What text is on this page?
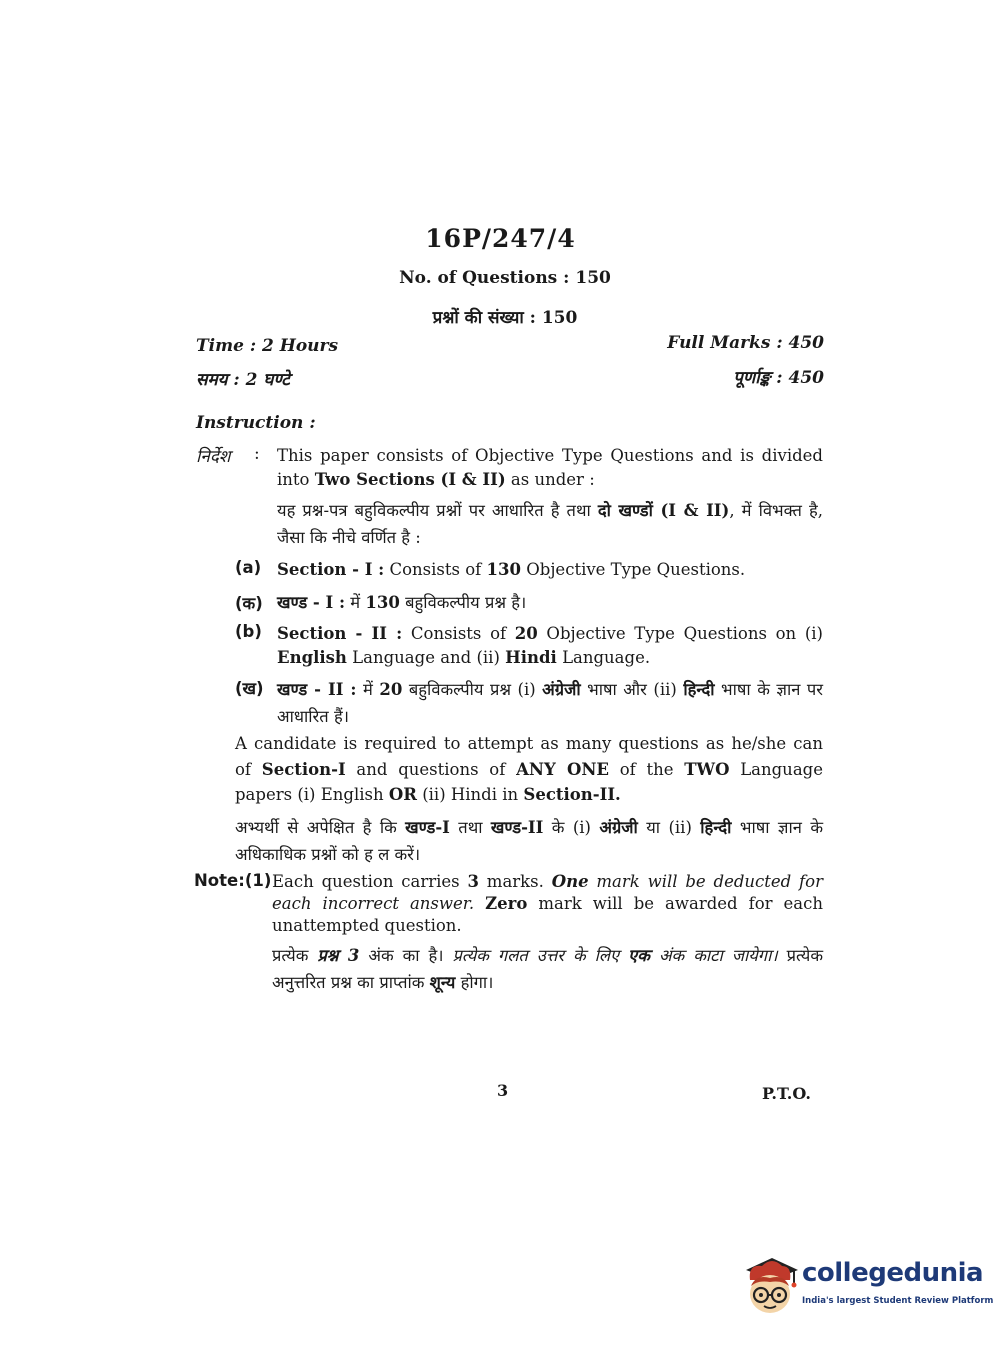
16P/247/4
No. of Questions : 150
प्रश्नों की संख्या : 150
Time : 2 Hours
समय : 2 घण्टे
Full Marks : 450
पूर्णाङ्क : 450
Instruction :
निर्देश : This paper consists of Objective Type Questions and is divided into Two Sections (I & II) as under :
यह प्रश्न-पत्र बहुविकल्पीय प्रश्नों पर आधारित है तथा दो खण्डों (I & II), में विभक्त है, जैसा कि नीचे वर्णित है :
(a) Section - I : Consists of 130 Objective Type Questions.
(क) खण्ड - I : में 130 बहुविकल्पीय प्रश्न है।
(b) Section - II : Consists of 20 Objective Type Questions on (i) English Language and (ii) Hindi Language.
(ख) खण्ड - II : में 20 बहुविकल्पीय प्रश्न (i) अंग्रेजी भाषा और (ii) हिन्दी भाषा के ज्ञान पर आधारित हैं।
A candidate is required to attempt as many questions as he/she can of Section-I and questions of ANY ONE of the TWO Language papers (i) English OR (ii) Hindi in Section-II.
अभ्यर्थी से अपेक्षित है कि खण्ड-I तथा खण्ड-II के (i) अंग्रेजी या (ii) हिन्दी भाषा ज्ञान के अधिकाधिक प्रश्नों को ह ल करें।
Note:(1) Each question carries 3 marks. One mark will be deducted for each incorrect answer. Zero mark will be awarded for each unattempted question.
प्रत्येक प्रश्न 3 अंक का है। प्रत्येक गलत उत्तर के लिए एक अंक काटा जायेगा। प्रत्येक अनुत्तरित प्रश्न का प्राप्तांक शून्य होगा।
3	P.T.O.
collegedunia
India's largest Student Review Platform
